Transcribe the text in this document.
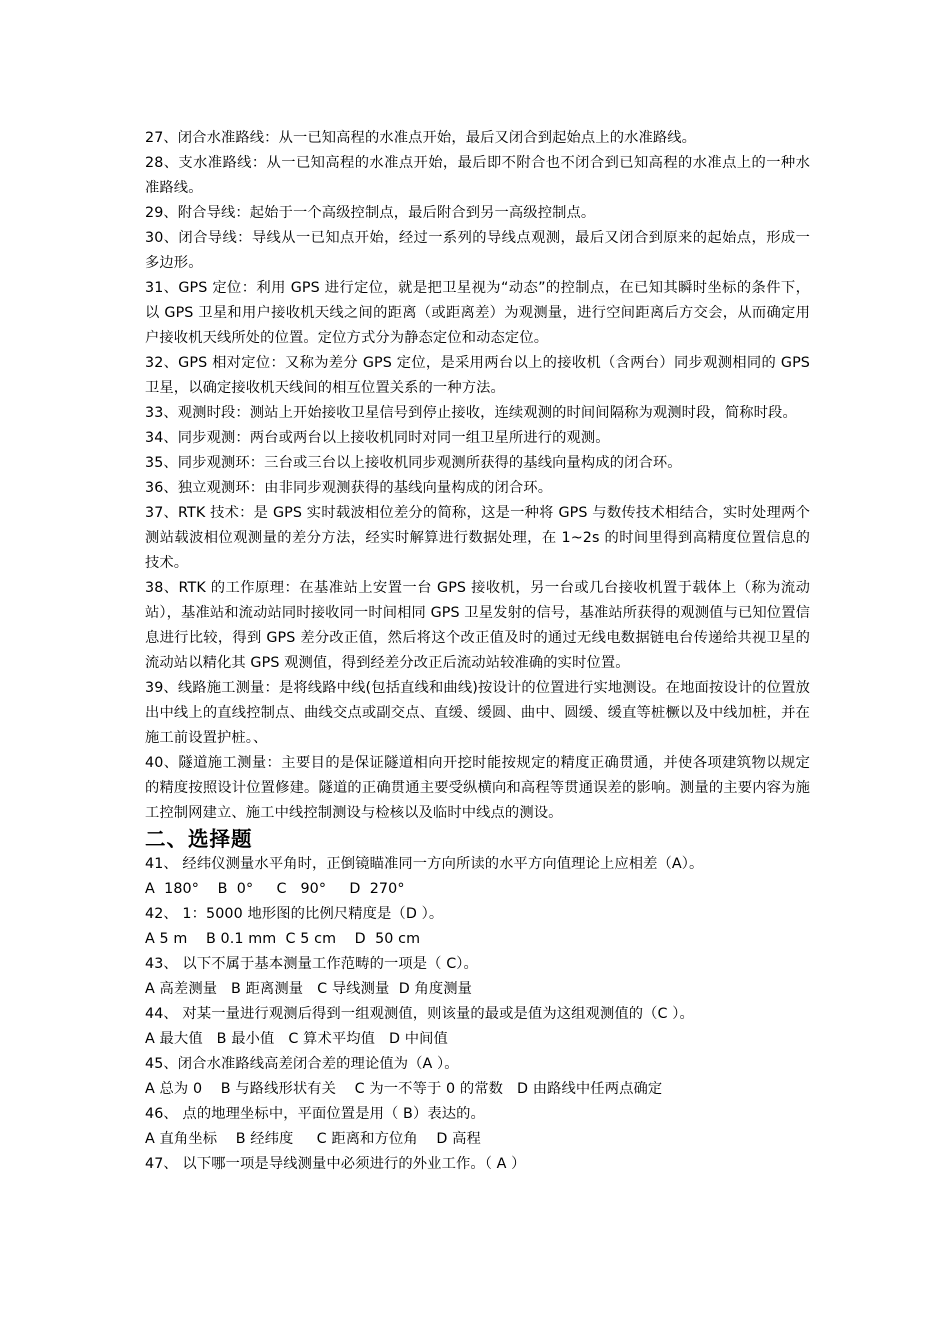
27、闭合水准路线：从一已知高程的水准点开始，最后又闭合到起始点上的水准路线。

28、支水准路线：从一已知高程的水准点开始，最后即不附合也不闭合到已知高程的水准点上的一种水准路线。

29、附合导线：起始于一个高级控制点，最后附合到另一高级控制点。

30、闭合导线：导线从一已知点开始，经过一系列的导线点观测，最后又闭合到原来的起始点，形成一多边形。

31、GPS 定位：利用 GPS 进行定位，就是把卫星视为“动态”的控制点，在已知其瞬时坐标的条件下，以 GPS 卫星和用户接收机天线之间的距离（或距离差）为观测量，进行空间距离后方交会，从而确定用户接收机天线所处的位置。定位方式分为静态定位和动态定位。

32、GPS 相对定位：又称为差分 GPS 定位，是采用两台以上的接收机（含两台）同步观测相同的 GPS 卫星，以确定接收机天线间的相互位置关系的一种方法。

33、观测时段：测站上开始接收卫星信号到停止接收，连续观测的时间间隔称为观测时段，简称时段。

34、同步观测：两台或两台以上接收机同时对同一组卫星所进行的观测。

35、同步观测环：三台或三台以上接收机同步观测所获得的基线向量构成的闭合环。

36、独立观测环：由非同步观测获得的基线向量构成的闭合环。

37、RTK 技术：是 GPS 实时载波相位差分的简称，这是一种将 GPS 与数传技术相结合，实时处理两个测站载波相位观测量的差分方法，经实时解算进行数据处理，在 1~2s 的时间里得到高精度位置信息的技术。

38、RTK 的工作原理：在基准站上安置一台 GPS 接收机，另一台或几台接收机置于载体上（称为流动站），基准站和流动站同时接收同一时间相同 GPS 卫星发射的信号，基准站所获得的观测值与已知位置信息进行比较，得到 GPS 差分改正值，然后将这个改正值及时的通过无线电数据链电台传递给共视卫星的流动站以精化其 GPS 观测值，得到经差分改正后流动站较准确的实时位置。

39、线路施工测量：是将线路中线(包括直线和曲线)按设计的位置进行实地测设。在地面按设计的位置放出中线上的直线控制点、曲线交点或副交点、直缓、缓圆、曲中、圆缓、缓直等桩橛以及中线加桩，并在施工前设置护桩。、

40、隧道施工测量：主要目的是保证隧道相向开挖时能按规定的精度正确贯通，并使各项建筑物以规定的精度按照设计位置修建。隧道的正确贯通主要受纵横向和高程等贯通误差的影响。测量的主要内容为施工控制网建立、施工中线控制测设与检核以及临时中线点的测设。

二、选择题

41、 经纬仪测量水平角时，正倒镜瞄准同一方向所读的水平方向值理论上应相差（A）。

A  180°    B  0°     C   90°     D  270°

42、 1：5000 地形图的比例尺精度是（D ）。

A 5 m    B 0.1 mm  C 5 cm    D  50 cm

43、 以下不属于基本测量工作范畴的一项是（ C）。

A 高差测量   B 距离测量   C 导线测量  D 角度测量

44、 对某一量进行观测后得到一组观测值，则该量的最或是值为这组观测值的（C ）。

A 最大值   B 最小值   C 算术平均值   D 中间值

45、闭合水准路线高差闭合差的理论值为（A ）。

A 总为 0    B 与路线形状有关    C 为一不等于 0 的常数   D 由路线中任两点确定

46、 点的地理坐标中，平面位置是用（ B）表达的。

A 直角坐标    B 经纬度     C 距离和方位角    D 高程

47、 以下哪一项是导线测量中必须进行的外业工作。（ A ）
